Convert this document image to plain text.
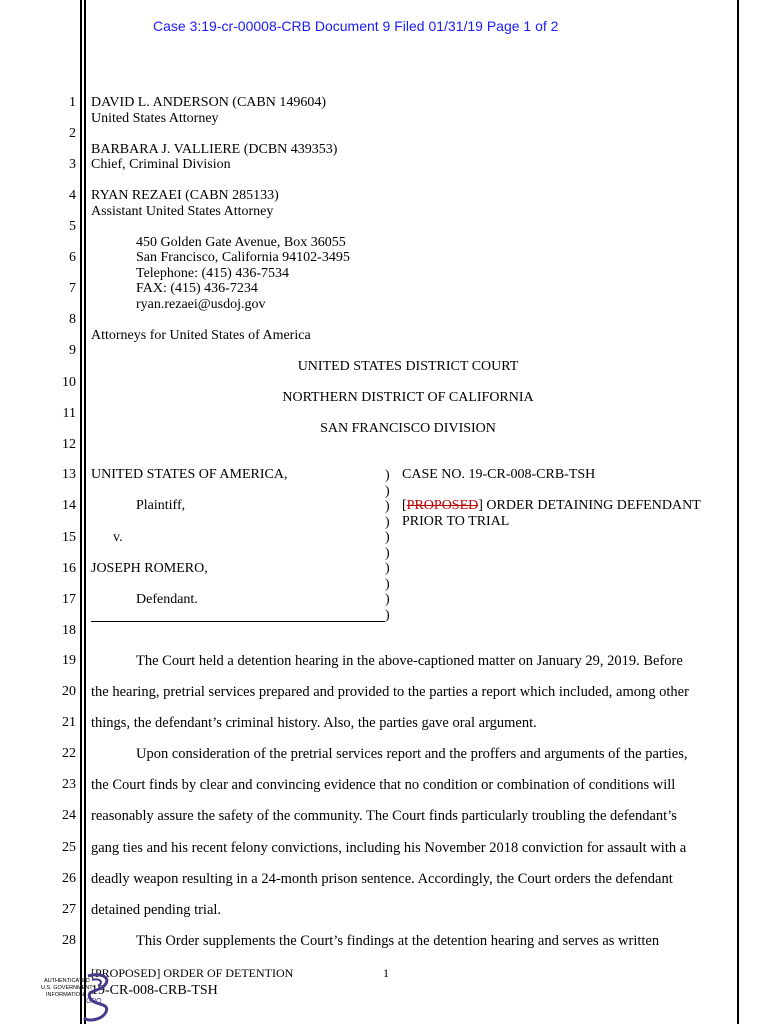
Case 3:19-cr-00008-CRB Document 9 Filed 01/31/19 Page 1 of 2
1
2
3
4
5
6
7
8
9
10
11
12
13
14
15
16
17
18
19
20
21
22
23
24
25
26
27
28
DAVID L. ANDERSON (CABN 149604)
United States Attorney
BARBARA J. VALLIERE (DCBN 439353)
Chief, Criminal Division
RYAN REZAEI (CABN 285133)
Assistant United States Attorney
450 Golden Gate Avenue, Box 36055
San Francisco, California 94102-3495
Telephone: (415) 436-7534
FAX: (415) 436-7234
ryan.rezaei@usdoj.gov
Attorneys for United States of America
UNITED STATES DISTRICT COURT
NORTHERN DISTRICT OF CALIFORNIA
SAN FRANCISCO DIVISION
UNITED STATES OF AMERICA,
Plaintiff,
v.
JOSEPH ROMERO,
Defendant.
)
)
)
)
)
)
)
)
)
)
CASE NO. 19-CR-008-CRB-TSH
[PROPOSED] ORDER DETAINING DEFENDANT
PRIOR TO TRIAL
The Court held a detention hearing in the above-captioned matter on January 29, 2019. Before
the hearing, pretrial services prepared and provided to the parties a report which included, among other
things, the defendant’s criminal history. Also, the parties gave oral argument.
Upon consideration of the pretrial services report and the proffers and arguments of the parties,
the Court finds by clear and convincing evidence that no condition or combination of conditions will
reasonably assure the safety of the community. The Court finds particularly troubling the defendant’s
gang ties and his recent felony convictions, including his November 2018 conviction for assault with a
deadly weapon resulting in a 24-month prison sentence. Accordingly, the Court orders the defendant
detained pending trial.
This Order supplements the Court’s findings at the detention hearing and serves as written
[PROPOSED] ORDER OF DETENTION	1
19-CR-008-CRB-TSH
AUTHENTICATED
U.S. GOVERNMENT
INFORMATION
GPO
